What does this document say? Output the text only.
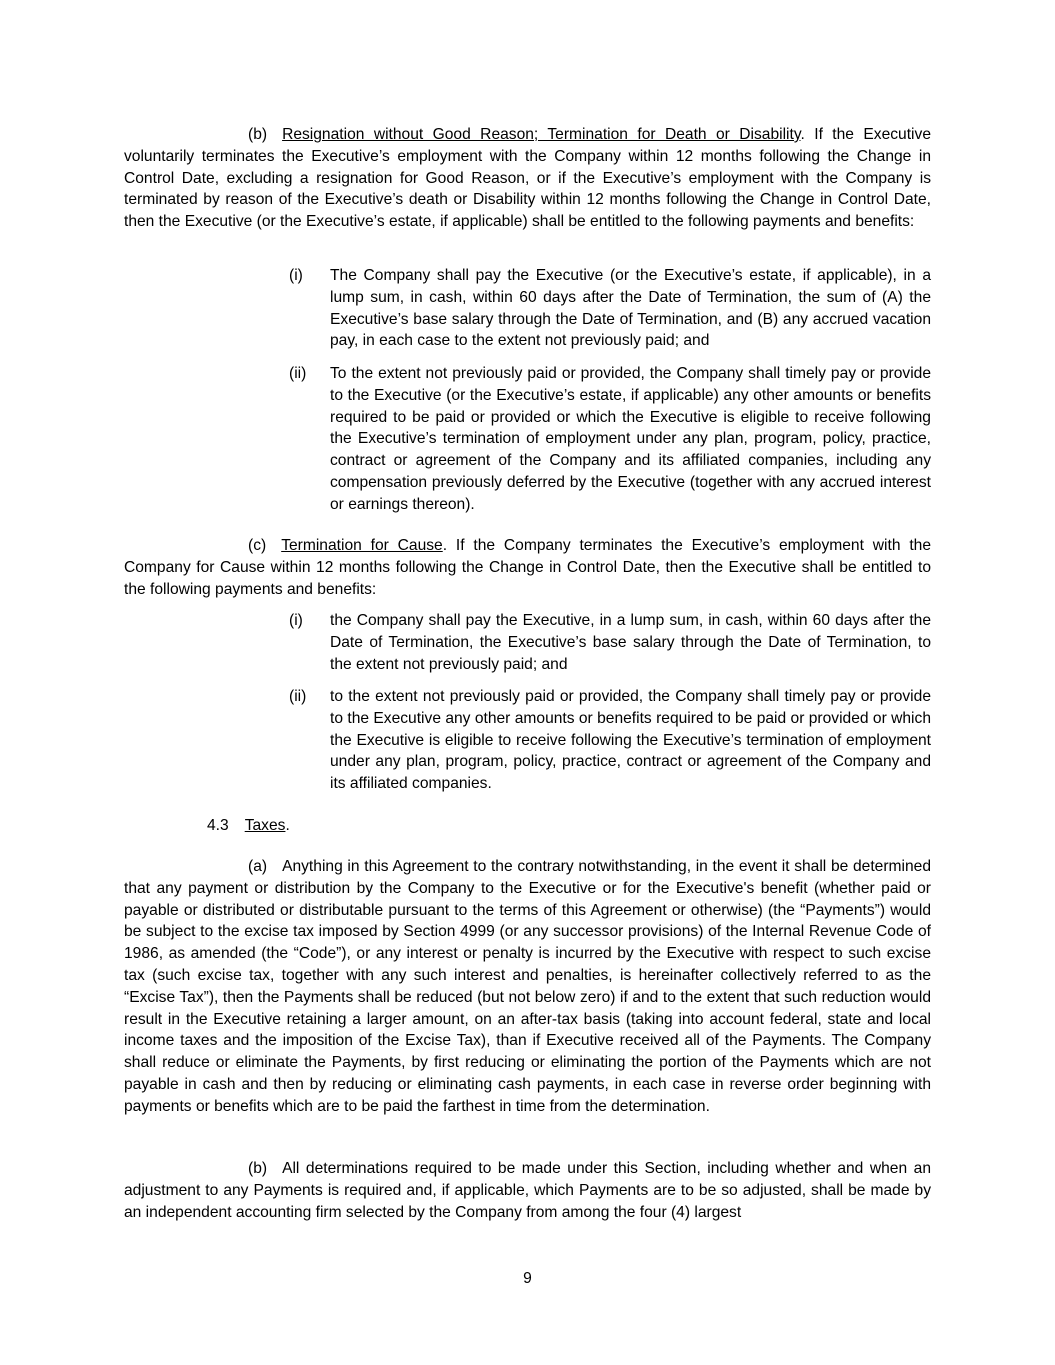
(b) Resignation without Good Reason; Termination for Death or Disability. If the Executive voluntarily terminates the Executive’s employment with the Company within 12 months following the Change in Control Date, excluding a resignation for Good Reason, or if the Executive’s employment with the Company is terminated by reason of the Executive’s death or Disability within 12 months following the Change in Control Date, then the Executive (or the Executive’s estate, if applicable) shall be entitled to the following payments and benefits:

(i) The Company shall pay the Executive (or the Executive’s estate, if applicable), in a lump sum, in cash, within 60 days after the Date of Termination, the sum of (A) the Executive’s base salary through the Date of Termination, and (B) any accrued vacation pay, in each case to the extent not previously paid; and
(ii) To the extent not previously paid or provided, the Company shall timely pay or provide to the Executive (or the Executive’s estate, if applicable) any other amounts or benefits required to be paid or provided or which the Executive is eligible to receive following the Executive’s termination of employment under any plan, program, policy, practice, contract or agreement of the Company and its affiliated companies, including any compensation previously deferred by the Executive (together with any accrued interest or earnings thereon).

(c) Termination for Cause. If the Company terminates the Executive’s employment with the Company for Cause within 12 months following the Change in Control Date, then the Executive shall be entitled to the following payments and benefits:

(i) the Company shall pay the Executive, in a lump sum, in cash, within 60 days after the Date of Termination, the Executive’s base salary through the Date of Termination, to the extent not previously paid; and
(ii) to the extent not previously paid or provided, the Company shall timely pay or provide to the Executive any other amounts or benefits required to be paid or provided or which the Executive is eligible to receive following the Executive’s termination of employment under any plan, program, policy, practice, contract or agreement of the Company and its affiliated companies.

4.3 Taxes.

(a) Anything in this Agreement to the contrary notwithstanding, in the event it shall be determined that any payment or distribution by the Company to the Executive or for the Executive's benefit (whether paid or payable or distributed or distributable pursuant to the terms of this Agreement or otherwise) (the “Payments”) would be subject to the excise tax imposed by Section 4999 (or any successor provisions) of the Internal Revenue Code of 1986, as amended (the “Code”), or any interest or penalty is incurred by the Executive with respect to such excise tax (such excise tax, together with any such interest and penalties, is hereinafter collectively referred to as the “Excise Tax”), then the Payments shall be reduced (but not below zero) if and to the extent that such reduction would result in the Executive retaining a larger amount, on an after-tax basis (taking into account federal, state and local income taxes and the imposition of the Excise Tax), than if Executive received all of the Payments. The Company shall reduce or eliminate the Payments, by first reducing or eliminating the portion of the Payments which are not payable in cash and then by reducing or eliminating cash payments, in each case in reverse order beginning with payments or benefits which are to be paid the farthest in time from the determination.

(b) All determinations required to be made under this Section, including whether and when an adjustment to any Payments is required and, if applicable, which Payments are to be so adjusted, shall be made by an independent accounting firm selected by the Company from among the four (4) largest

9
